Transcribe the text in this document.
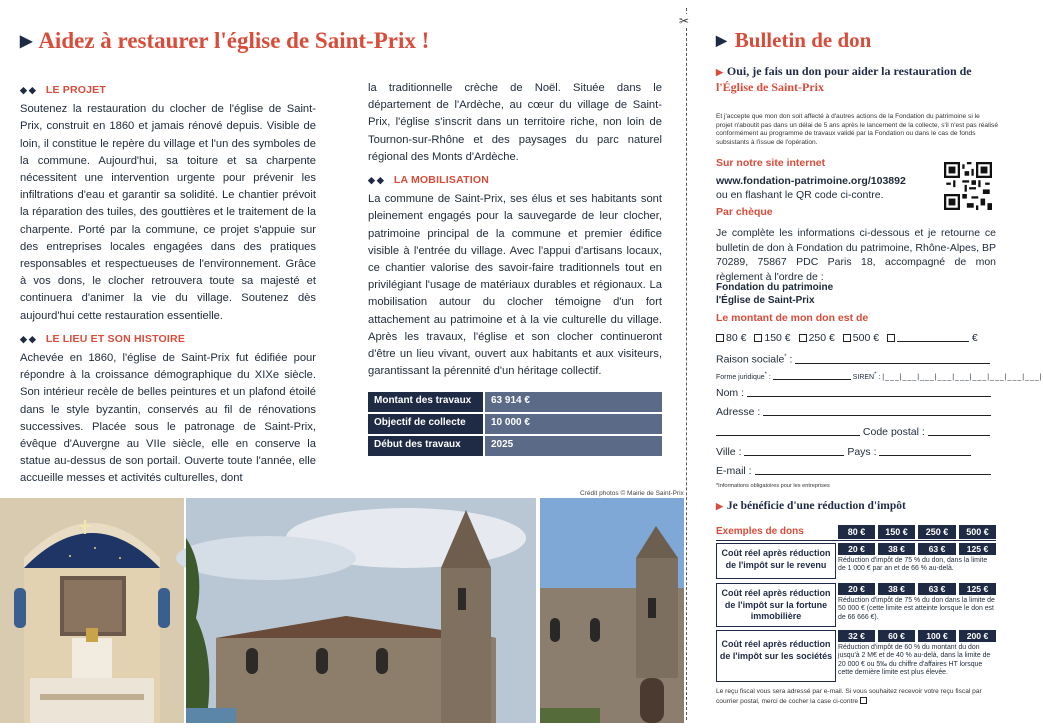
▶ Aidez à restaurer l'église de Saint-Prix !
◆◆ LE PROJET

Soutenez la restauration du clocher de l'église de Saint-Prix, construit en 1860 et jamais rénové depuis. Visible de loin, il constitue le repère du village et l'un des symboles de la commune. Aujourd'hui, sa toiture et sa charpente nécessitent une intervention urgente pour prévenir les infiltrations d'eau et garantir sa solidité. Le chantier prévoit la réparation des tuiles, des gouttières et le traitement de la charpente. Porté par la commune, ce projet s'appuie sur des entreprises locales engagées dans des pratiques responsables et respectueuses de l'environnement. Grâce à vos dons, le clocher retrouvera toute sa majesté et continuera d'animer la vie du village. Soutenez dès aujourd'hui cette restauration essentielle.

◆◆ LE LIEU ET SON HISTOIRE

Achevée en 1860, l'église de Saint-Prix fut édifiée pour répondre à la croissance démographique du XIXe siècle. Son intérieur recèle de belles peintures et un plafond étoilé dans le style byzantin, conservés au fil de rénovations successives. Placée sous le patronage de Saint-Prix, évêque d'Auvergne au VIIe siècle, elle en conserve la statue au-dessus de son portail. Ouverte toute l'année, elle accueille messes et activités culturelles, dont

la traditionnelle crèche de Noël. Située dans le département de l'Ardèche, au cœur du village de Saint-Prix, l'église s'inscrit dans un territoire riche, non loin de Tournon-sur-Rhône et des paysages du parc naturel régional des Monts d'Ardèche.

◆◆ LA MOBILISATION

La commune de Saint-Prix, ses élus et ses habitants sont pleinement engagés pour la sauvegarde de leur clocher, patrimoine principal de la commune et premier édifice visible à l'entrée du village. Avec l'appui d'artisans locaux, ce chantier valorise des savoir-faire traditionnels tout en privilégiant l'usage de matériaux durables et régionaux. La mobilisation autour du clocher témoigne d'un fort attachement au patrimoine et à la vie culturelle du village. Après les travaux, l'église et son clocher continueront d'être un lieu vivant, ouvert aux habitants et aux visiteurs, garantissant la pérennité d'un héritage collectif.

Montant des travaux	63 914 €
Objectif de collecte	10 000 €
Début des travaux	2025
Crédit photos © Mairie de Saint-Prix
✂
▶ Bulletin de don
▶ Oui, je fais un don pour aider la restauration de
l'Église de Saint-Prix
Et j'accepte que mon don soit affecté à d'autres actions de la Fondation du patrimoine si le projet n'aboutit pas dans un délai de 5 ans après le lancement de la collecte, s'il n'est pas réalisé conformément au programme de travaux validé par la Fondation ou dans le cas de fonds subsistants à l'issue de l'opération.
Sur notre site internet
www.fondation-patrimoine.org/103892
ou en flashant le QR code ci-contre.
Par chèque
Je complète les informations ci-dessous et je retourne ce bulletin de don à Fondation du patrimoine, Rhône-Alpes, BP 70289, 75867 PDC Paris 18, accompagné de mon règlement à l'ordre de :
Fondation du patrimoine
l'Église de Saint-Prix
Le montant de mon don est de
80 € 150 € 250 € 500 €	€
Raison sociale* :
Forme juridique* :	SIREN* : |___|___|___|___|___|___|___|___|___|
Nom :
Adresse :
Code postal :
Ville :	Pays :
E-mail :
*Informations obligatoires pour les entreprises
▶ Je bénéficie d'une réduction d'impôt
Exemples de dons	80 €	150 €	250 €	500 €
Coût réel après réduction de l'impôt sur le revenu
20 €	38 €	63 €	125 €
Réduction d'impôt de 75 % du don, dans la limite de 1 000 € par an et de 66 % au-delà.
Coût réel après réduction de l'impôt sur la fortune immobilière
20 €	38 €	63 €	125 €
Réduction d'impôt de 75 % du don dans la limite de 50 000 € (cette limite est atteinte lorsque le don est de 66 666 €).
Coût réel après réduction de l'impôt sur les sociétés
32 €	60 €	100 €	200 €
Réduction d'impôt de 60 % du montant du don jusqu'à 2 M€ et de 40 % au-delà, dans la limite de 20 000 € ou 5‰ du chiffre d'affaires HT lorsque cette dernière limite est plus élevée.
Le reçu fiscal vous sera adressé par e-mail. Si vous souhaitez recevoir votre reçu fiscal par courrier postal, merci de cocher la case ci-contre
